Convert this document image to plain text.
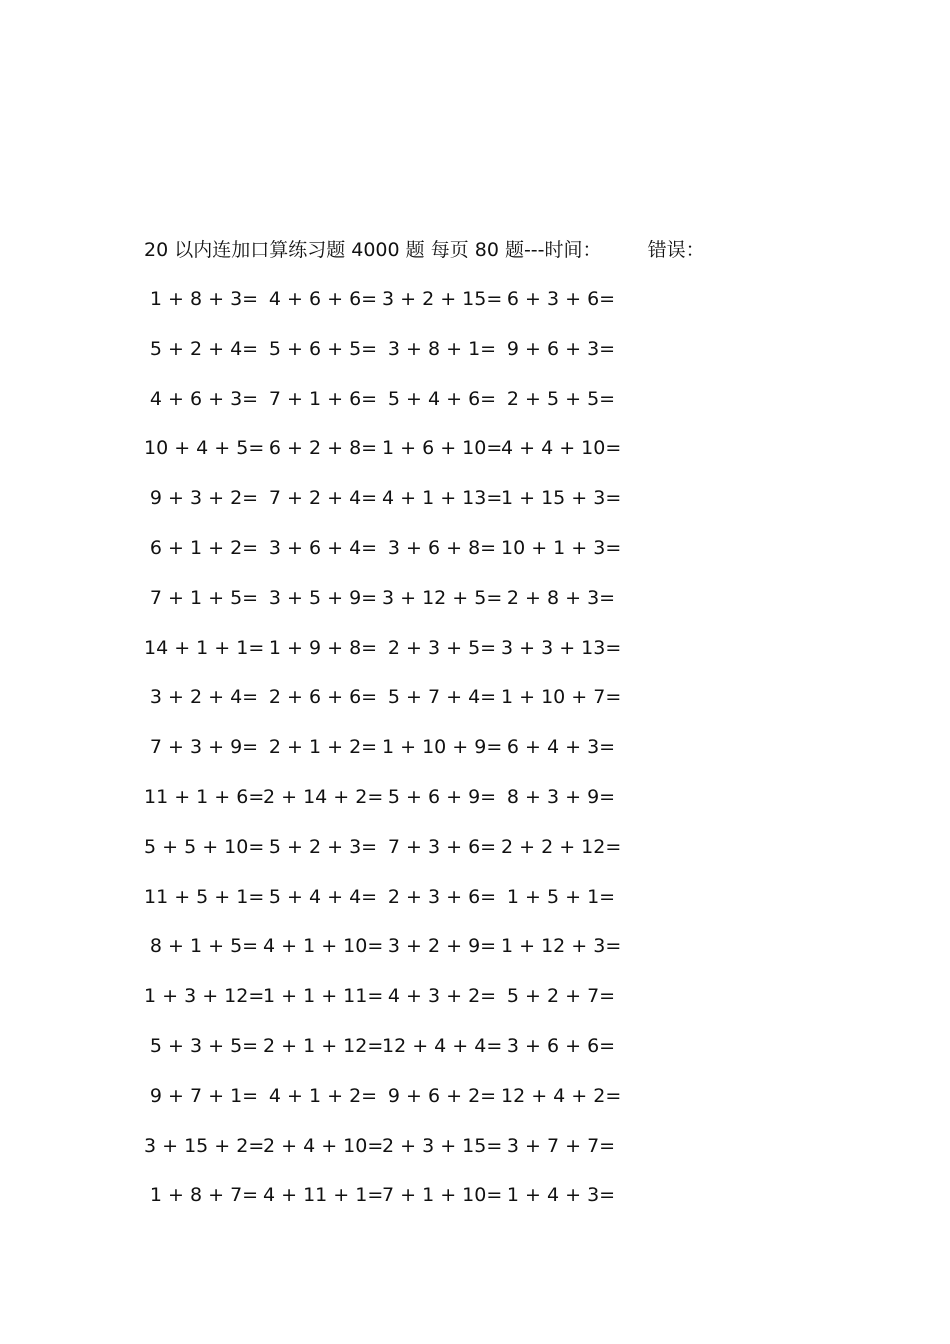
20 以内连加口算练习题 4000 题 每页 80 题---时间： 错误：
1 + 8 + 3= 4 + 6 + 6= 3 + 2 + 15= 6 + 3 + 6=
5 + 2 + 4= 5 + 6 + 5= 3 + 8 + 1= 9 + 6 + 3=
4 + 6 + 3= 7 + 1 + 6= 5 + 4 + 6= 2 + 5 + 5=
10 + 4 + 5= 6 + 2 + 8= 1 + 6 + 10=
4 + 4 + 10=
9 + 3 + 2= 7 + 2 + 4= 4 + 1 + 13=
1 + 15 + 3=
6 + 1 + 2= 3 + 6 + 4= 3 + 6 + 8= 10 + 1 + 3=
7 + 1 + 5= 3 + 5 + 9= 3 + 12 + 5= 2 + 8 + 3=
14 + 1 + 1= 1 + 9 + 8= 2 + 3 + 5= 3 + 3 + 13=
3 + 2 + 4= 2 + 6 + 6= 5 + 7 + 4= 1 + 10 + 7=
7 + 3 + 9= 2 + 1 + 2= 1 + 10 + 9= 6 + 4 + 3=
11 + 1 + 6=
2 + 14 + 2= 5 + 6 + 9= 8 + 3 + 9=
5 + 5 + 10= 5 + 2 + 3= 7 + 3 + 6= 2 + 2 + 12=
11 + 5 + 1= 5 + 4 + 4= 2 + 3 + 6= 1 + 5 + 1=
8 + 1 + 5= 4 + 1 + 10= 3 + 2 + 9= 1 + 12 + 3=
1 + 3 + 12=
1 + 1 + 11= 4 + 3 + 2= 5 + 2 + 7=
5 + 3 + 5= 2 + 1 + 12=
12 + 4 + 4= 3 + 6 + 6=
9 + 7 + 1= 4 + 1 + 2= 9 + 6 + 2= 12 + 4 + 2=
3 + 15 + 2=
2 + 4 + 10=
2 + 3 + 15= 3 + 7 + 7=
1 + 8 + 7= 4 + 11 + 1=
7 + 1 + 10= 1 + 4 + 3=
